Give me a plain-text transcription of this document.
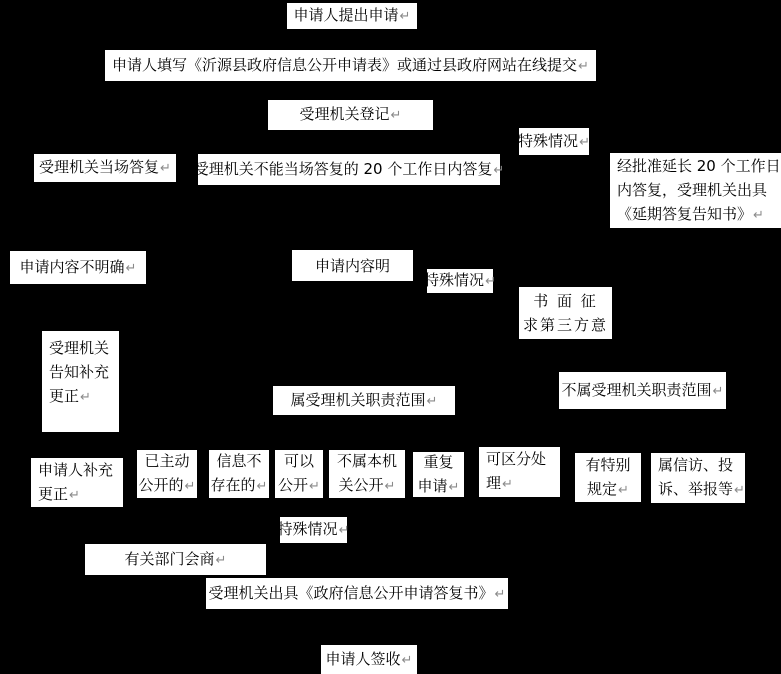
申请人提出申请↵
申请人填写《沂源县政府信息公开申请表》或通过县政府网站在线提交↵
受理机关登记↵
特殊情况↵
受理机关当场答复↵ 受理机关不能当场答复的 20 个工作日内答复↵	经批准延长 20 个工作日
内答复，受理机关出具
《延期答复告知书》↵
申请内容不明确↵	申请内容明
特殊情况↵
书 面 征
求第三方意
受理机关
告知补充
更正↵	属受理机关职责范围↵
不属受理机关职责范围↵
申请人补充
更正↵
已主动
公开的↵
信息不
存在的↵
可以
公开↵
不属本机
关公开↵
重复
申请↵
可区分处
理↵
有特别
规定↵
属信访、投
诉、举报等↵
特殊情况↵
有关部门会商↵
受理机关出具《政府信息公开申请答复书》↵
申请人签收↵
